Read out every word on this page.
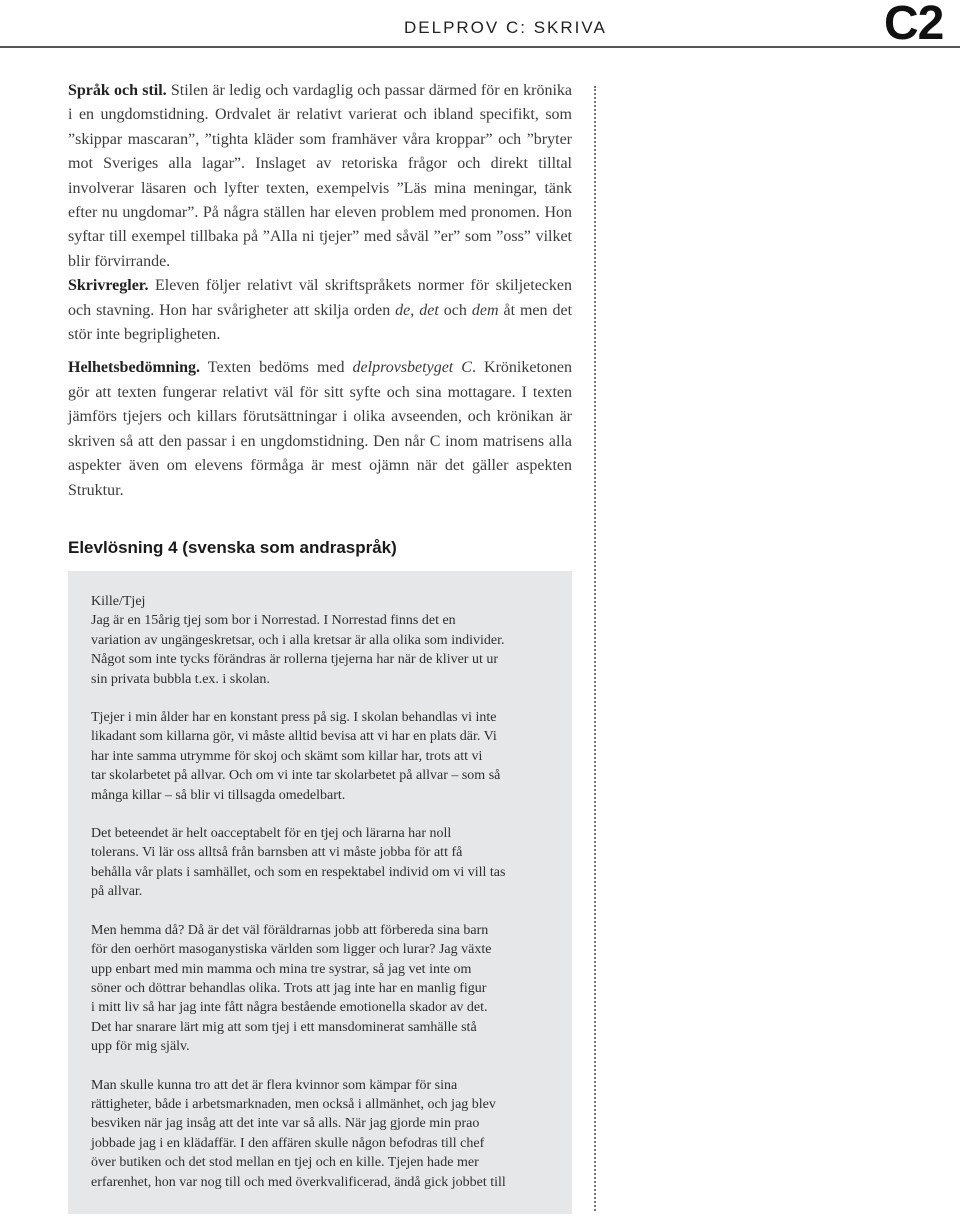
DELPROV C: SKRIVA	C2

Språk och stil. Stilen är ledig och vardaglig och passar därmed för en krönika i en ungdomstidning. Ordvalet är relativt varierat och ibland specifikt, som ”skippar mascaran”, ”tighta kläder som framhäver våra kroppar” och ”bryter mot Sveriges alla lagar”. Inslaget av retoriska frågor och direkt tilltal involverar läsaren och lyfter texten, exempelvis ”Läs mina meningar, tänk efter nu ungdomar”. På några ställen har eleven problem med pronomen. Hon syftar till exempel tillbaka på ”Alla ni tjejer” med såväl ”er” som ”oss” vilket blir förvirrande.

Skrivregler. Eleven följer relativt väl skriftspråkets normer för skiljetecken och stavning. Hon har svårigheter att skilja orden de, det och dem åt men det stör inte begripligheten.

Helhetsbedömning. Texten bedöms med delprovsbetyget C. Kröniketonen gör att texten fungerar relativt väl för sitt syfte och sina mottagare. I texten jämförs tjejers och killars förutsättningar i olika avseenden, och krönikan är skriven så att den passar i en ungdomstidning. Den når C inom matrisens alla aspekter även om elevens förmåga är mest ojämn när det gäller aspekten Struktur.

Elevlösning 4 (svenska som andraspråk)
Kille/Tjej
Jag är en 15årig tjej som bor i Norrestad. I Norrestad finns det en
variation av ungängeskretsar, och i alla kretsar är alla olika som individer.
Något som inte tycks förändras är rollerna tjejerna har när de kliver ut ur
sin privata bubbla t.ex. i skolan.
Tjejer i min ålder har en konstant press på sig. I skolan behandlas vi inte
likadant som killarna gör, vi måste alltid bevisa att vi har en plats där. Vi
har inte samma utrymme för skoj och skämt som killar har, trots att vi
tar skolarbetet på allvar. Och om vi inte tar skolarbetet på allvar – som så
många killar – så blir vi tillsagda omedelbart.
Det beteendet är helt oacceptabelt för en tjej och lärarna har noll
tolerans. Vi lär oss alltså från barnsben att vi måste jobba för att få
behålla vår plats i samhället, och som en respektabel individ om vi vill tas
på allvar.
Men hemma då? Då är det väl föräldrarnas jobb att förbereda sina barn
för den oerhört masoganystiska världen som ligger och lurar? Jag växte
upp enbart med min mamma och mina tre systrar, så jag vet inte om
söner och döttrar behandlas olika. Trots att jag inte har en manlig figur
i mitt liv så har jag inte fått några bestående emotionella skador av det.
Det har snarare lärt mig att som tjej i ett mansdominerat samhälle stå
upp för mig själv.
Man skulle kunna tro att det är flera kvinnor som kämpar för sina
rättigheter, både i arbetsmarknaden, men också i allmänhet, och jag blev
besviken när jag insåg att det inte var så alls. När jag gjorde min prao
jobbade jag i en klädaffär. I den affären skulle någon befodras till chef
över butiken och det stod mellan en tjej och en kille. Tjejen hade mer
erfarenhet, hon var nog till och med överkvalificerad, ändå gick jobbet till
